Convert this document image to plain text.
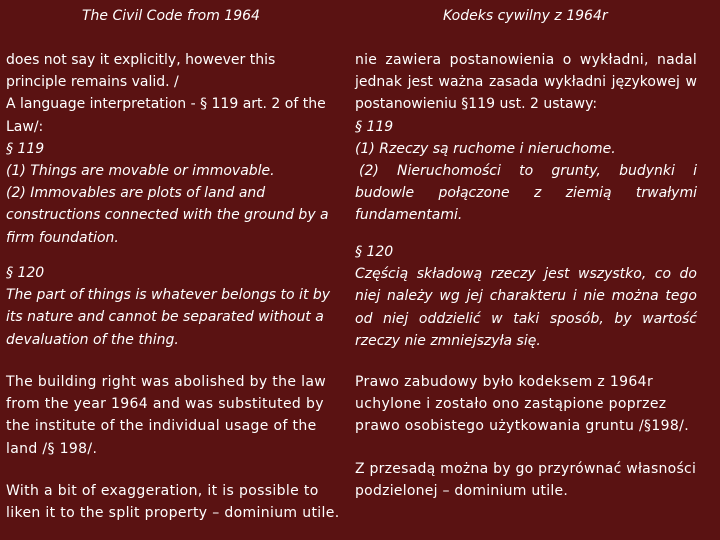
The Civil Code from 1964

does not say it explicitly, however this

principle remains valid. /

A language interpretation - § 119 art. 2 of the

Law/:

§ 119

(1) Things are movable or immovable.

(2) Immovables are plots of land and

constructions connected with the ground by a

firm foundation.

§ 120

The part of things is whatever belongs to it by

its nature and cannot be separated without a

devaluation of the thing.

The building right was abolished by the law

from the year 1964 and was substituted by

the institute of the individual usage of the

land /§ 198/.

With a bit of exaggeration, it is possible to

liken it to the split property – dominium utile.

Kodeks cywilny z 1964r

nie zawiera postanowienia o wykładni, nadal

jednak jest ważna zasada wykładni językowej w

postanowieniu §119 ust. 2 ustawy:

§ 119

(1) Rzeczy są ruchome i nieruchome.

(2) Nieruchomości to grunty, budynki i

budowle połączone z ziemią trwałymi

fundamentami.

§ 120

Częścią składową rzeczy jest wszystko, co do

niej należy wg jej charakteru i nie można tego

od niej oddzielić w taki sposób, by wartość

rzeczy nie zmniejszyła się.

Prawo zabudowy było kodeksem z 1964r

uchylone i zostało ono zastąpione poprzez

prawo osobistego użytkowania gruntu /§198/.

Z przesadą można by go przyrównać własności

podzielonej – dominium utile.
